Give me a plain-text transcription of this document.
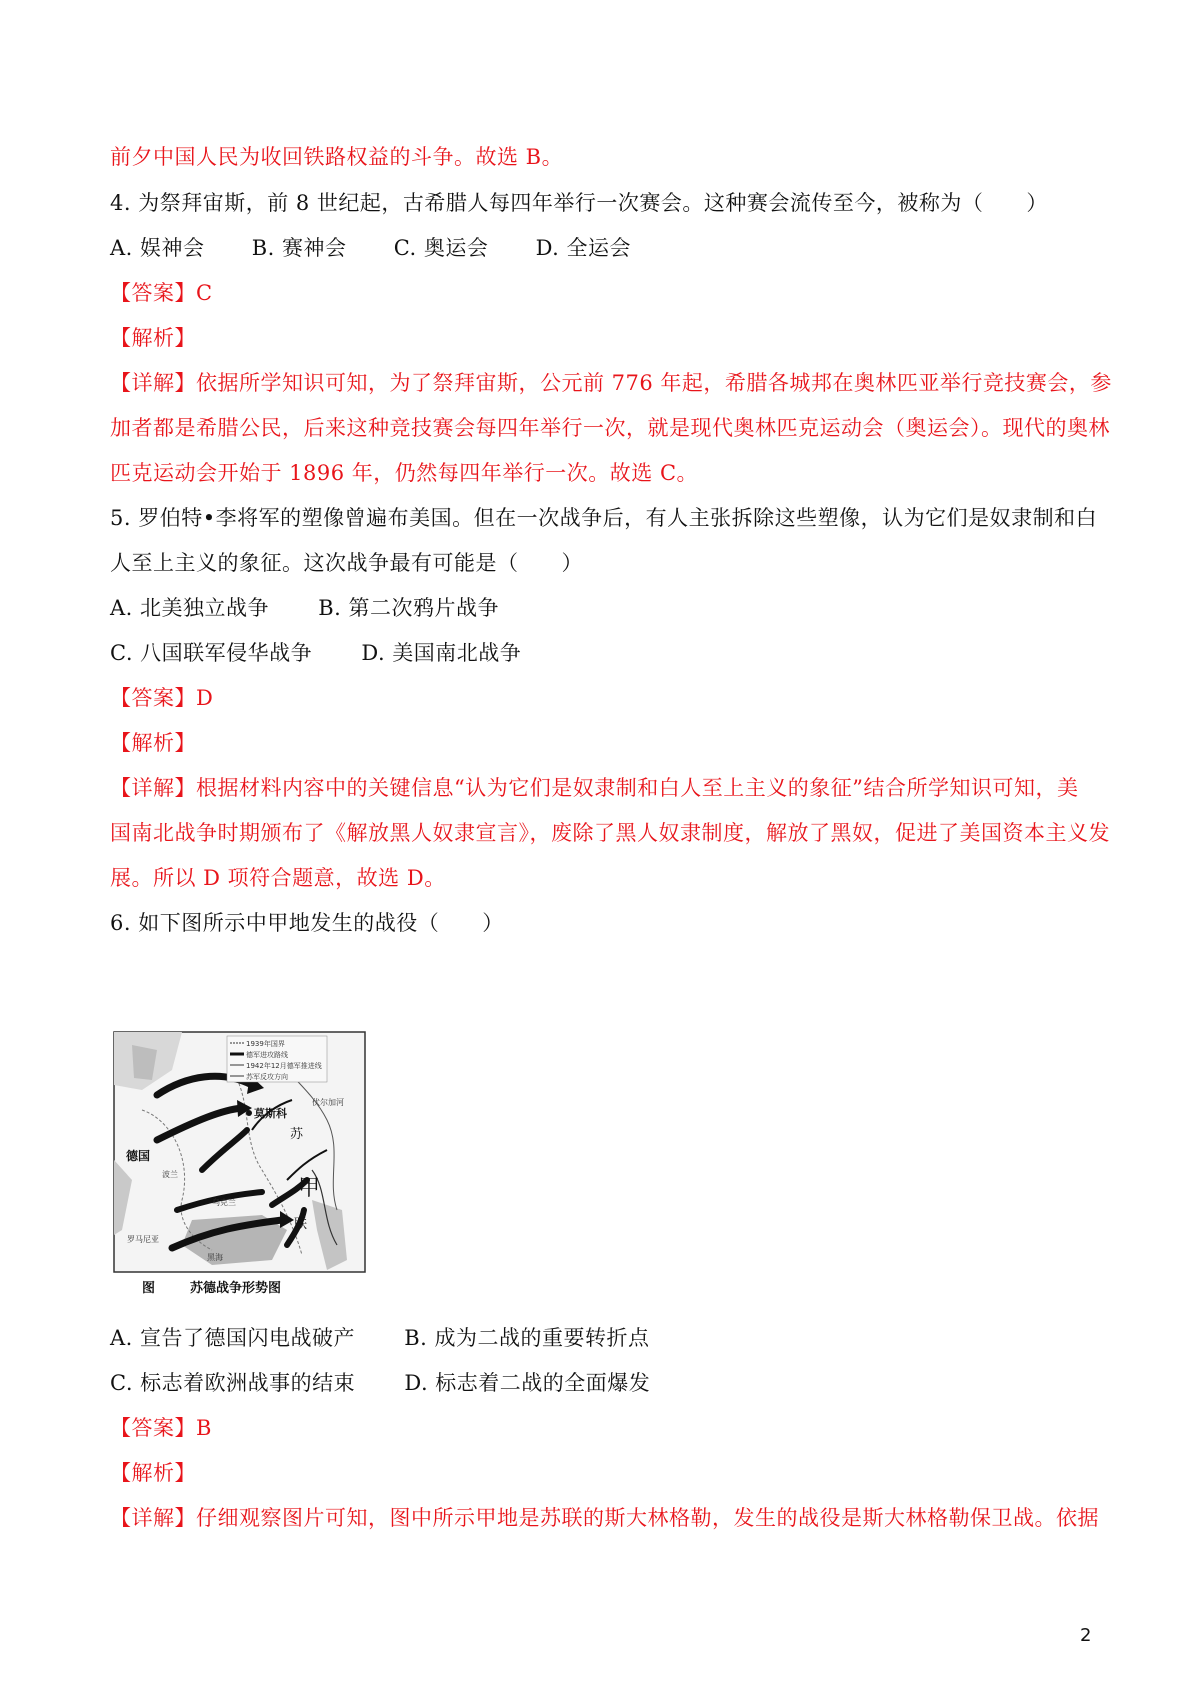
前夕中国人民为收回铁路权益的斗争。故选 B。
4. 为祭拜宙斯，前 8 世纪起，古希腊人每四年举行一次赛会。这种赛会流传至今，被称为（　　）
A. 娱神会 B. 赛神会 C. 奥运会 D. 全运会
【答案】C
【解析】
【详解】依据所学知识可知，为了祭拜宙斯，公元前 776 年起，希腊各城邦在奥林匹亚举行竞技赛会，参
加者都是希腊公民，后来这种竞技赛会每四年举行一次，就是现代奥林匹克运动会（奥运会）。现代的奥林
匹克运动会开始于 1896 年，仍然每四年举行一次。故选 C。
5. 罗伯特•李将军的塑像曾遍布美国。但在一次战争后，有人主张拆除这些塑像，认为它们是奴隶制和白
人至上主义的象征。这次战争最有可能是（　　）
A. 北美独立战争 B. 第二次鸦片战争
C. 八国联军侵华战争 D. 美国南北战争
【答案】D
【解析】
【详解】根据材料内容中的关键信息“认为它们是奴隶制和白人至上主义的象征”结合所学知识可知，美
国南北战争时期颁布了《解放黑人奴隶宣言》，废除了黑人奴隶制度，解放了黑奴，促进了美国资本主义发
展。所以 D 项符合题意，故选 D。
6. 如下图所示中甲地发生的战役（　　）
1939年国界
德军进攻路线
1942年12月德军推进线
苏军反攻方向
莫斯科
苏
联
甲
德国
波兰
乌克兰
罗马尼亚
黑海
伏尔加河
图	苏德战争形势图
A. 宣告了德国闪电战破产 B. 成为二战的重要转折点
C. 标志着欧洲战事的结束 D. 标志着二战的全面爆发
【答案】B
【解析】
【详解】仔细观察图片可知，图中所示甲地是苏联的斯大林格勒，发生的战役是斯大林格勒保卫战。依据
2
